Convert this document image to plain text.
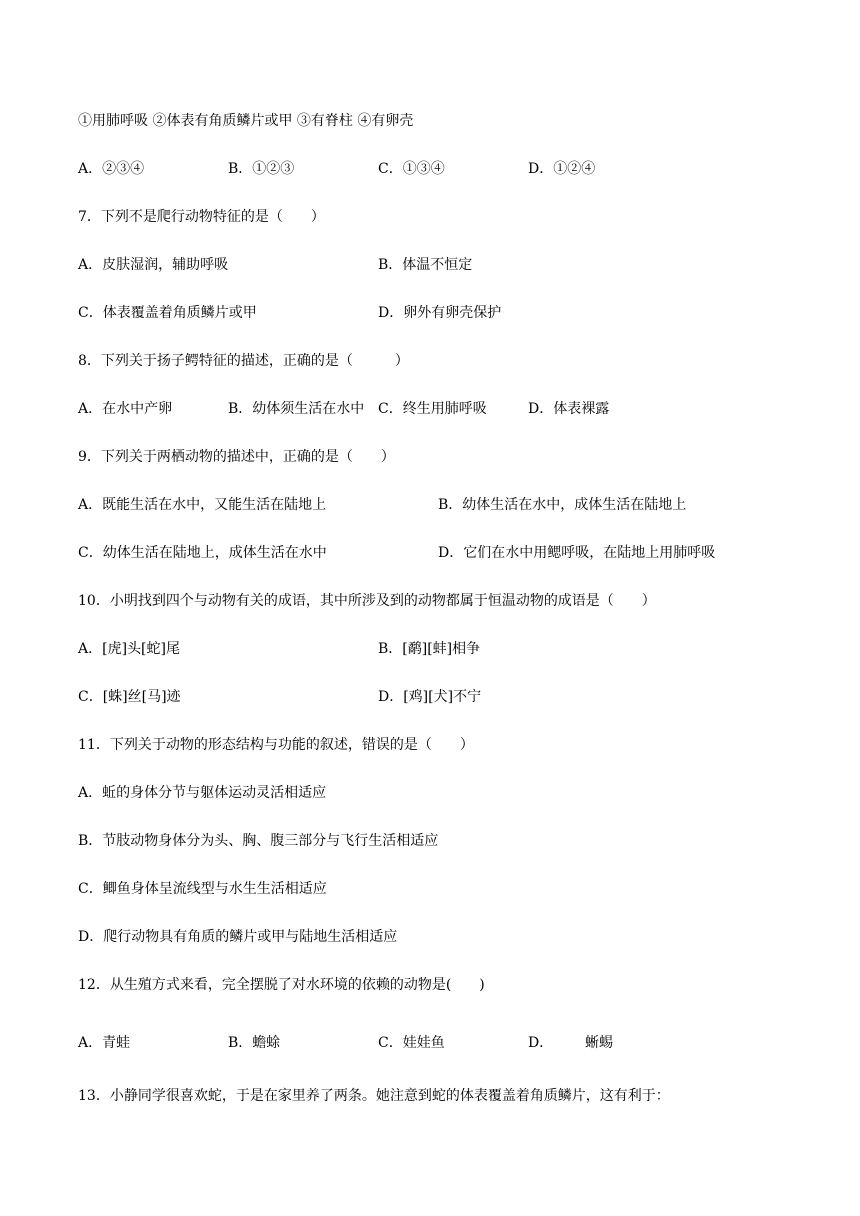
①用肺呼吸 ②体表有角质鳞片或甲 ③有脊柱 ④有卵壳
A．②③④	B．①②③	C．①③④	D．①②④
7．下列不是爬行动物特征的是（　　）
A．皮肤湿润，辅助呼吸	B．体温不恒定
C．体表覆盖着角质鳞片或甲	D．卵外有卵壳保护
8．下列关于扬子鳄特征的描述，正确的是（　　　）
A．在水中产卵	B．幼体须生活在水中 C．终生用肺呼吸	D．体表裸露
9．下列关于两栖动物的描述中，正确的是（　　）
A．既能生活在水中，又能生活在陆地上	B．幼体生活在水中，成体生活在陆地上
C．幼体生活在陆地上，成体生活在水中	D．它们在水中用鳃呼吸，在陆地上用肺呼吸
10．小明找到四个与动物有关的成语，其中所涉及到的动物都属于恒温动物的成语是（　　）
A．[虎]头[蛇]尾	B．[鹬][蚌]相争
C．[蛛]丝[马]迹	D．[鸡][犬]不宁
11．下列关于动物的形态结构与功能的叙述，错误的是（　　）
A．蚯的身体分节与躯体运动灵活相适应
B．节肢动物身体分为头、胸、腹三部分与飞行生活相适应
C．鲫鱼身体呈流线型与水生生活相适应
D．爬行动物具有角质的鳞片或甲与陆地生活相适应
12．从生殖方式来看，完全摆脱了对水环境的依赖的动物是(　　)
A．青蛙	B．蟾蜍	C．娃娃鱼	D． 蜥蜴
13．小静同学很喜欢蛇，于是在家里养了两条。她注意到蛇的体表覆盖着角质鳞片，这有利于：
